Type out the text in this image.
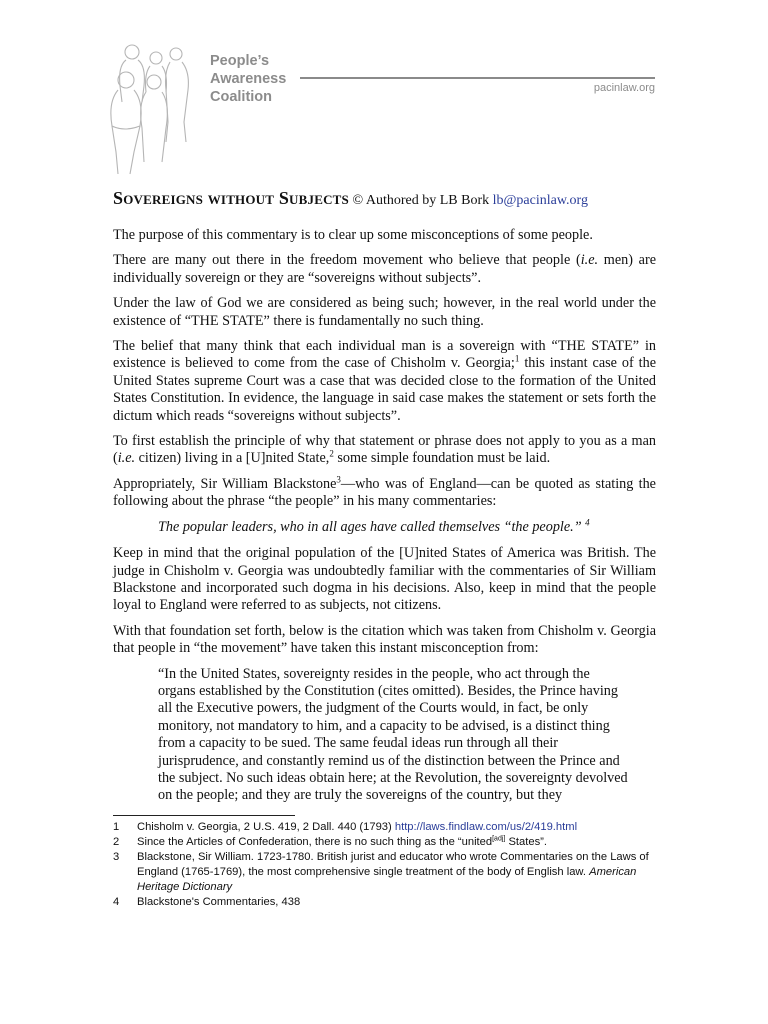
People’s
Awareness
Coalition
pacinlaw.org
Sovereigns without Subjects © Authored by LB Bork lb@pacinlaw.org

The purpose of this commentary is to clear up some misconceptions of some people.

There are many out there in the freedom movement who believe that people (i.e. men) are individually sovereign or they are “sovereigns without subjects”.

Under the law of God we are considered as being such; however, in the real world under the existence of “THE STATE” there is fundamentally no such thing.

The belief that many think that each individual man is a sovereign with “THE STATE” in existence is believed to come from the case of Chisholm v. Georgia;$^1$ this instant case of the United States supreme Court was a case that was decided close to the formation of the United States Constitution. In evidence, the language in said case makes the statement or sets forth the dictum which reads “sovereigns without subjects”.

To first establish the principle of why that statement or phrase does not apply to you as a man (i.e. citizen) living in a [U]nited State,$^2$ some simple foundation must be laid.

Appropriately, Sir William Blackstone$^3$—who was of England—can be quoted as stating the following about the phrase “the people” in his many commentaries:

The popular leaders, who in all ages have called themselves “the people.” $^4$

Keep in mind that the original population of the [U]nited States of America was British. The judge in Chisholm v. Georgia was undoubtedly familiar with the commentaries of Sir William Blackstone and incorporated such dogma in his decisions. Also, keep in mind that the people loyal to England were referred to as subjects, not citizens.

With that foundation set forth, below is the citation which was taken from Chisholm v. Georgia that people in “the movement” have taken this instant misconception from:

“In the United States, sovereignty resides in the people, who act through the organs established by the Constitution (cites omitted). Besides, the Prince having all the Executive powers, the judgment of the Courts would, in fact, be only monitory, not mandatory to him, and a capacity to be advised, is a distinct thing from a capacity to be sued. The same feudal ideas run through all their jurisprudence, and constantly remind us of the distinction between the Prince and the subject. No such ideas obtain here; at the Revolution, the sovereignty devolved on the people; and they are truly the sovereigns of the country, but they

1 Chisholm v. Georgia, 2 U.S. 419, 2 Dall. 440 (1793) http://laws.findlaw.com/us/2/419.html
2 Since the Articles of Confederation, there is no such thing as the “united[adj] States”.
3 Blackstone, Sir William. 1723-1780. British jurist and educator who wrote Commentaries on the Laws of England (1765-1769), the most comprehensive single treatment of the body of English law. American Heritage Dictionary
4 Blackstone's Commentaries, 438
